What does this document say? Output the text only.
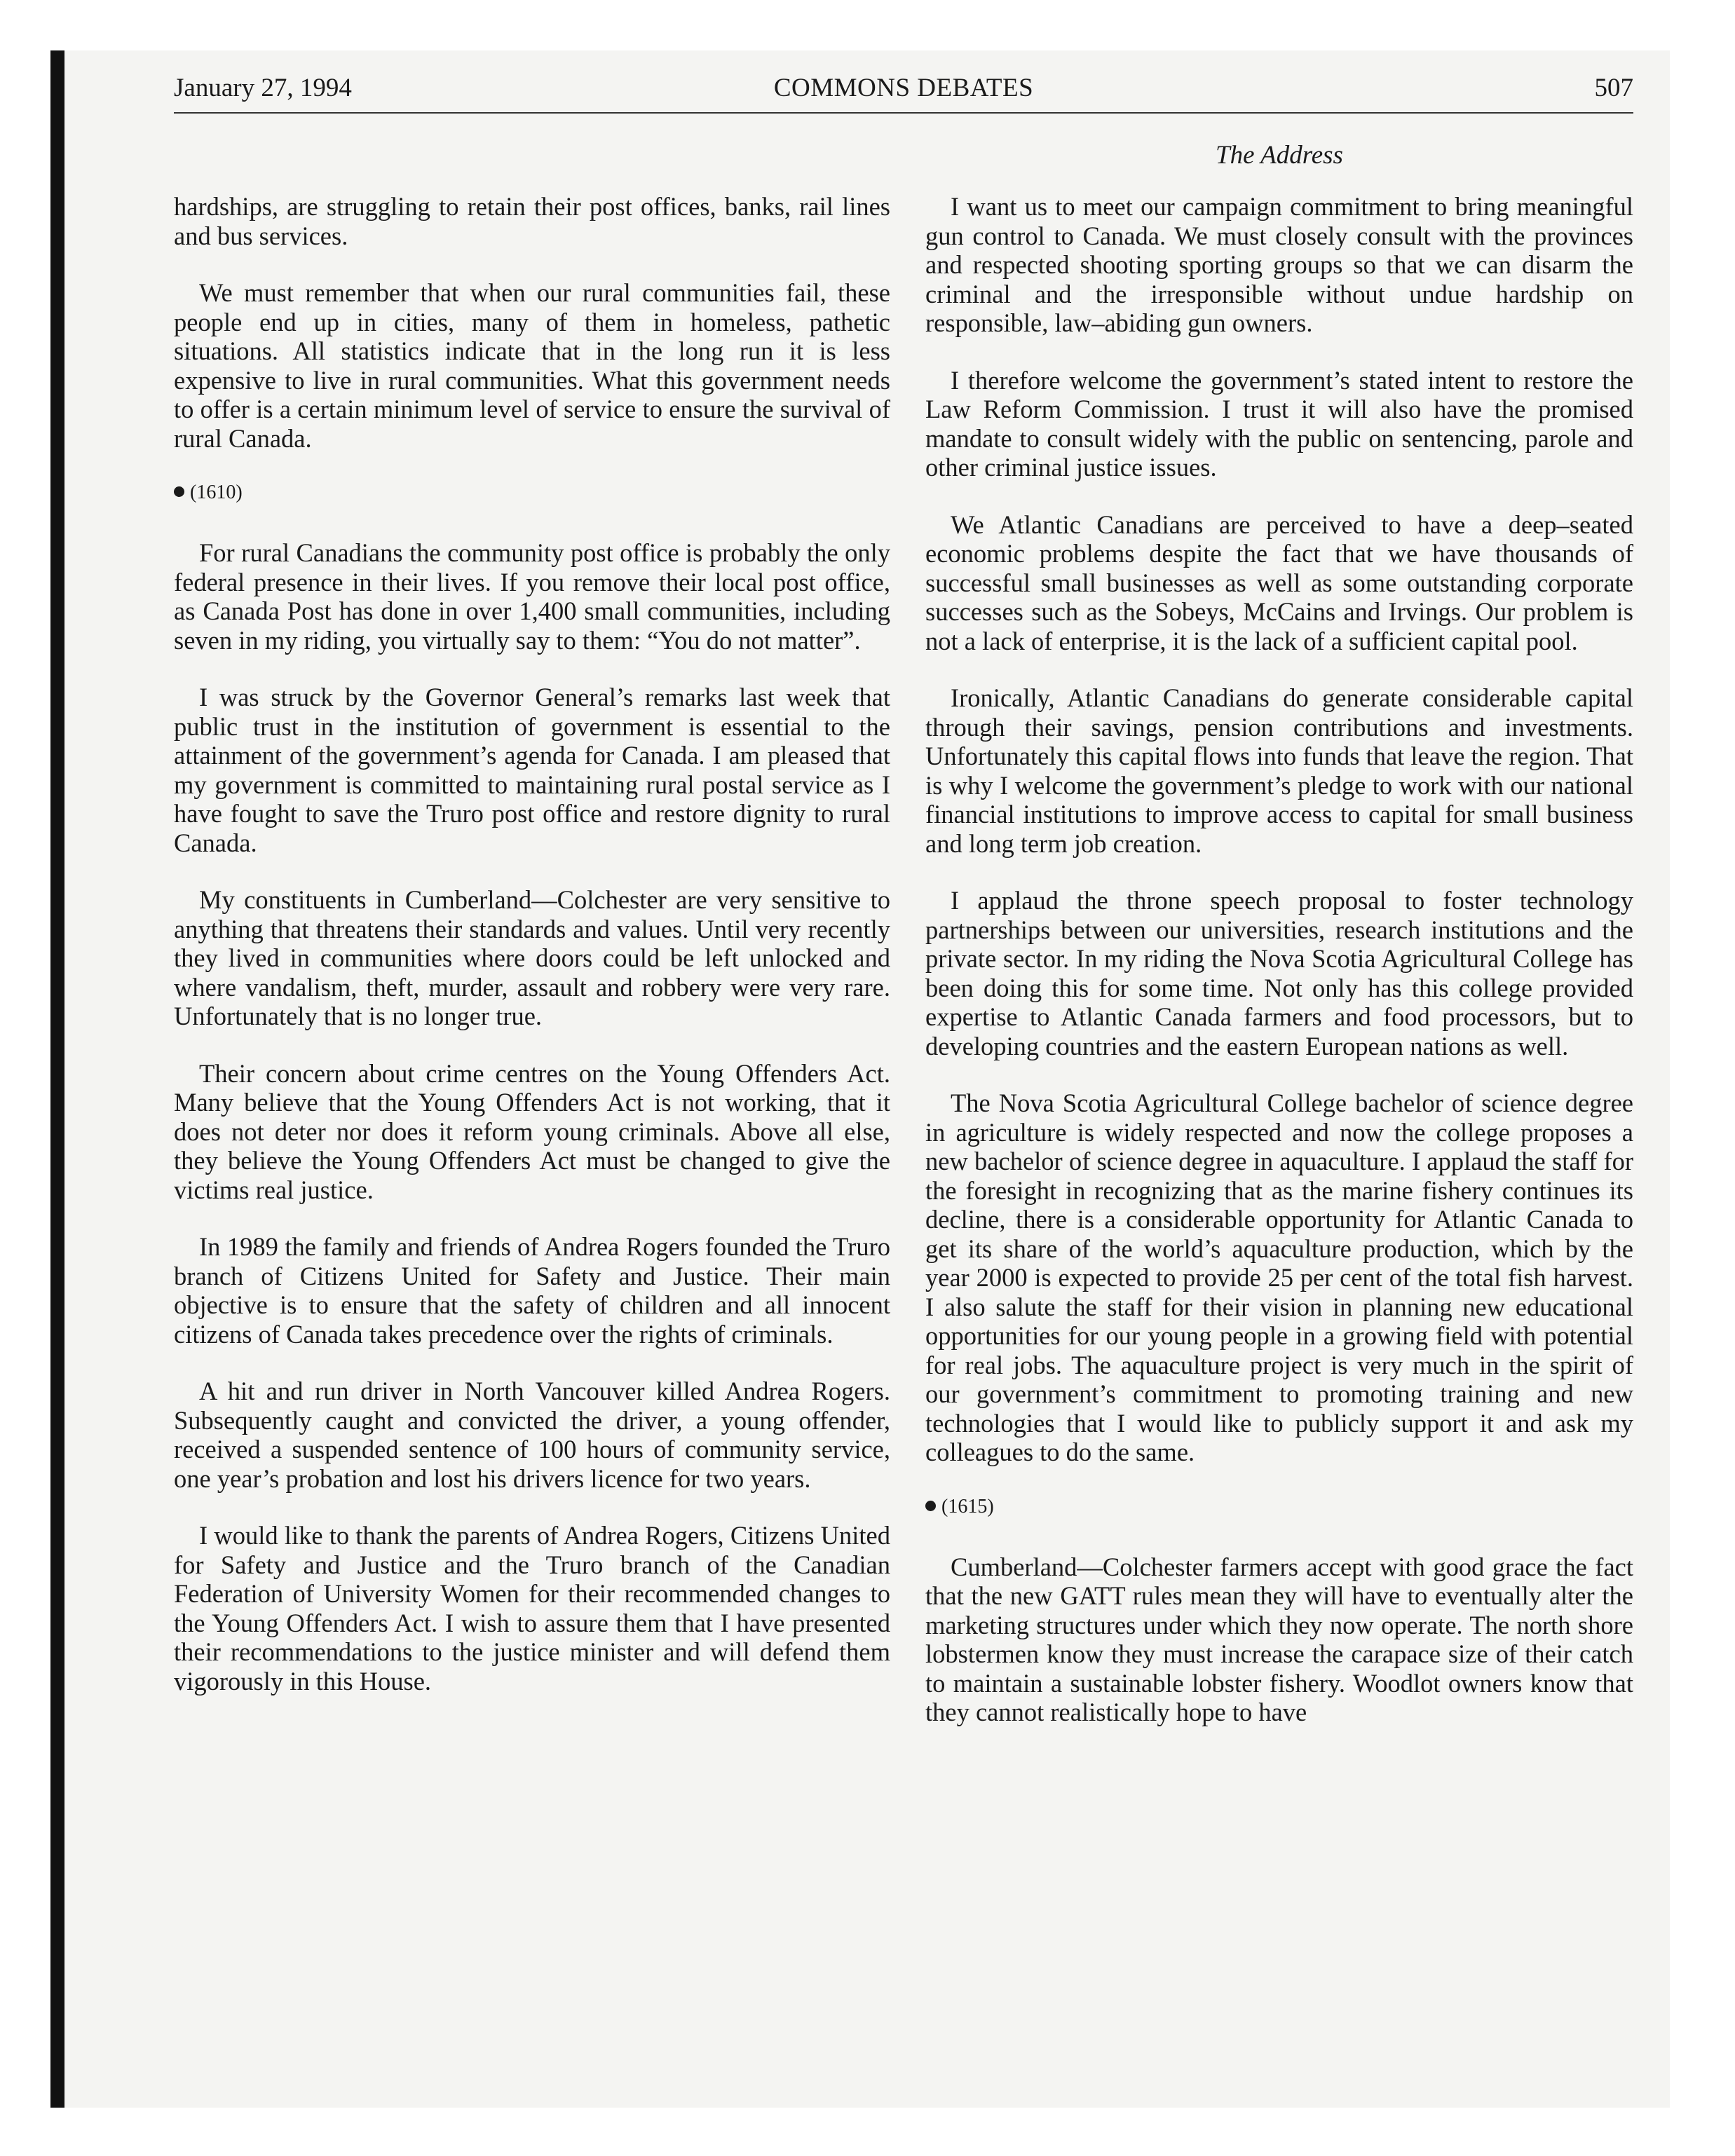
January 27, 1994	COMMONS DEBATES	507
The Address

hardships, are struggling to retain their post offices, banks, rail lines and bus services.

We must remember that when our rural communities fail, these people end up in cities, many of them in homeless, pathetic situations. All statistics indicate that in the long run it is less expensive to live in rural communities. What this government needs to offer is a certain minimum level of service to ensure the survival of rural Canada.

(1610)

For rural Canadians the community post office is probably the only federal presence in their lives. If you remove their local post office, as Canada Post has done in over 1,400 small communities, including seven in my riding, you virtually say to them: “You do not matter”.

I was struck by the Governor General’s remarks last week that public trust in the institution of government is essential to the attainment of the government’s agenda for Canada. I am pleased that my government is committed to maintaining rural postal service as I have fought to save the Truro post office and restore dignity to rural Canada.

My constituents in Cumberland—Colchester are very sensitive to anything that threatens their standards and values. Until very recently they lived in communities where doors could be left unlocked and where vandalism, theft, murder, assault and robbery were very rare. Unfortunately that is no longer true.

Their concern about crime centres on the Young Offenders Act. Many believe that the Young Offenders Act is not working, that it does not deter nor does it reform young criminals. Above all else, they believe the Young Offenders Act must be changed to give the victims real justice.

In 1989 the family and friends of Andrea Rogers founded the Truro branch of Citizens United for Safety and Justice. Their main objective is to ensure that the safety of children and all innocent citizens of Canada takes precedence over the rights of criminals.

A hit and run driver in North Vancouver killed Andrea Rogers. Subsequently caught and convicted the driver, a young offender, received a suspended sentence of 100 hours of community service, one year’s probation and lost his drivers licence for two years.

I would like to thank the parents of Andrea Rogers, Citizens United for Safety and Justice and the Truro branch of the Canadian Federation of University Women for their recommended changes to the Young Offenders Act. I wish to assure them that I have presented their recommendations to the justice minister and will defend them vigorously in this House.

I want us to meet our campaign commitment to bring meaningful gun control to Canada. We must closely consult with the provinces and respected shooting sporting groups so that we can disarm the criminal and the irresponsible without undue hardship on responsible, law–abiding gun owners.

I therefore welcome the government’s stated intent to restore the Law Reform Commission. I trust it will also have the promised mandate to consult widely with the public on sentencing, parole and other criminal justice issues.

We Atlantic Canadians are perceived to have a deep–seated economic problems despite the fact that we have thousands of successful small businesses as well as some outstanding corporate successes such as the Sobeys, McCains and Irvings. Our problem is not a lack of enterprise, it is the lack of a sufficient capital pool.

Ironically, Atlantic Canadians do generate considerable capital through their savings, pension contributions and investments. Unfortunately this capital flows into funds that leave the region. That is why I welcome the government’s pledge to work with our national financial institutions to improve access to capital for small business and long term job creation.

I applaud the throne speech proposal to foster technology partnerships between our universities, research institutions and the private sector. In my riding the Nova Scotia Agricultural College has been doing this for some time. Not only has this college provided expertise to Atlantic Canada farmers and food processors, but to developing countries and the eastern European nations as well.

The Nova Scotia Agricultural College bachelor of science degree in agriculture is widely respected and now the college proposes a new bachelor of science degree in aquaculture. I applaud the staff for the foresight in recognizing that as the marine fishery continues its decline, there is a considerable opportunity for Atlantic Canada to get its share of the world’s aquaculture production, which by the year 2000 is expected to provide 25 per cent of the total fish harvest. I also salute the staff for their vision in planning new educational opportunities for our young people in a growing field with potential for real jobs. The aquaculture project is very much in the spirit of our government’s commitment to promoting training and new technologies that I would like to publicly support it and ask my colleagues to do the same.

(1615)

Cumberland—Colchester farmers accept with good grace the fact that the new GATT rules mean they will have to eventually alter the marketing structures under which they now operate. The north shore lobstermen know they must increase the carapace size of their catch to maintain a sustainable lobster fishery. Woodlot owners know that they cannot realistically hope to have
